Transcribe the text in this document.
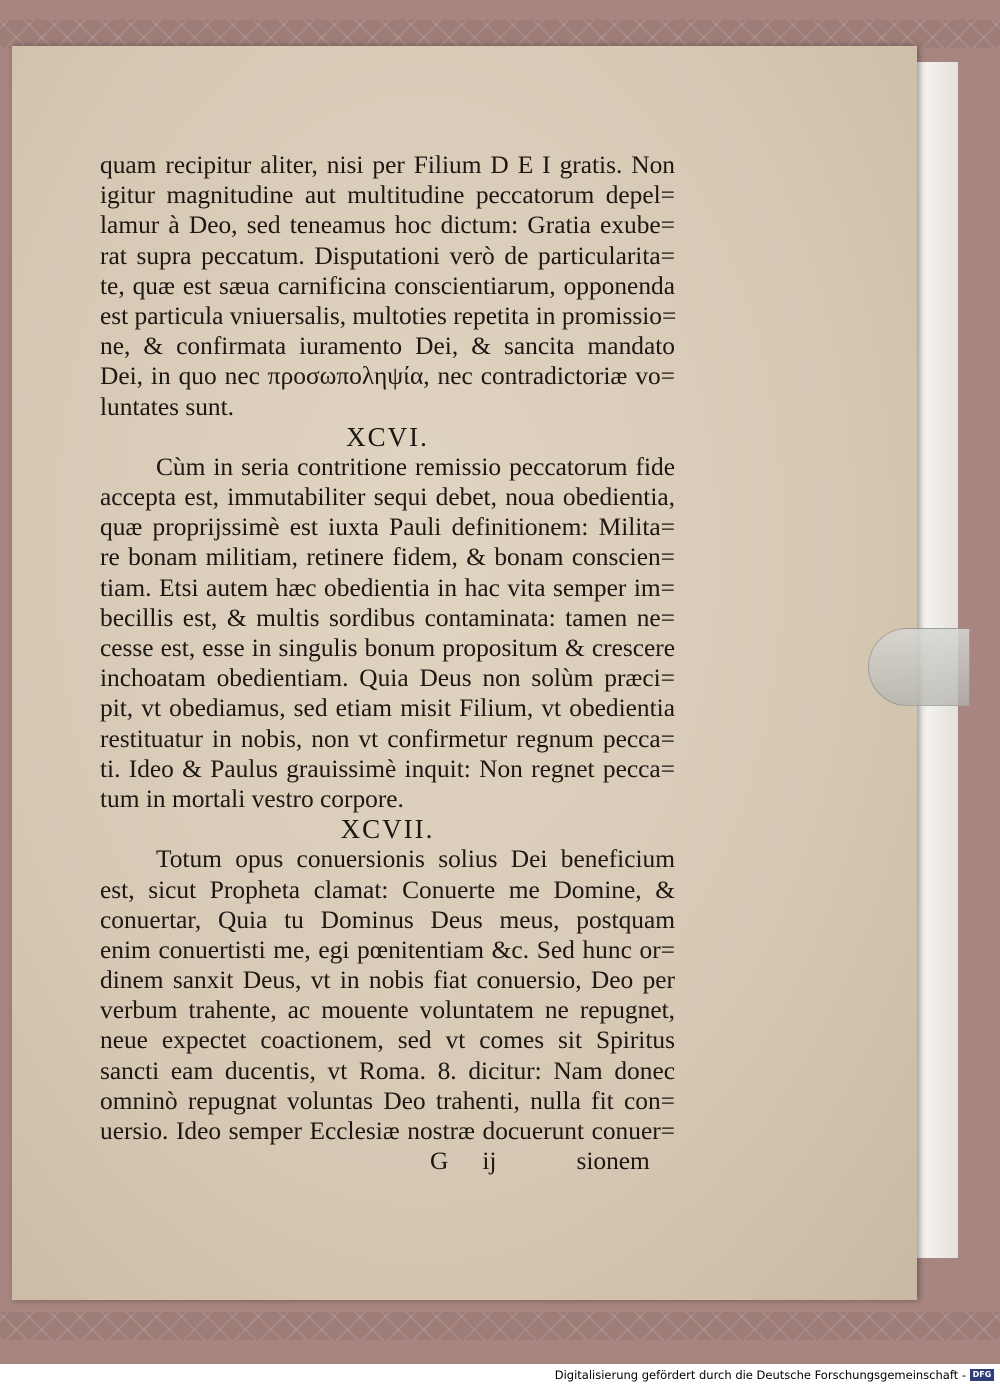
quam recipitur aliter, nisi per Filium D E I gratis. Non
igitur magnitudine aut multitudine peccatorum depel=
lamur à Deo, sed teneamus hoc dictum: Gratia exube=
rat supra peccatum. Disputationi verò de particularita=
te, quæ est sæua carnificina conscientiarum, opponenda
est particula vniuersalis, multoties repetita in promissio=
ne, & confirmata iuramento Dei, & sancita mandato
Dei, in quo nec προσωποληψία, nec contradictoriæ vo=
luntates sunt.
XCVI.
Cùm in seria contritione remissio peccatorum fide
accepta est, immutabiliter sequi debet, noua obedientia,
quæ proprijssimè est iuxta Pauli definitionem: Milita=
re bonam militiam, retinere fidem, & bonam conscien=
tiam. Etsi autem hæc obedientia in hac vita semper im=
becillis est, & multis sordibus contaminata: tamen ne=
cesse est, esse in singulis bonum propositum & crescere
inchoatam obedientiam. Quia Deus non solùm præci=
pit, vt obediamus, sed etiam misit Filium, vt obedientia
restituatur in nobis, non vt confirmetur regnum pecca=
ti. Ideo & Paulus grauissimè inquit: Non regnet pecca=
tum in mortali vestro corpore.
XCVII.
Totum opus conuersionis solius Dei beneficium
est, sicut Propheta clamat: Conuerte me Domine, &
conuertar, Quia tu Dominus Deus meus, postquam
enim conuertisti me, egi pœnitentiam &c. Sed hunc or=
dinem sanxit Deus, vt in nobis fiat conuersio, Deo per
verbum trahente, ac mouente voluntatem ne repugnet,
neue expectet coactionem, sed vt comes sit Spiritus
sancti eam ducentis, vt Roma. 8. dicitur: Nam donec
omninò repugnat voluntas Deo trahenti, nulla fit con=
uersio. Ideo semper Ecclesiæ nostræ docuerunt conuer=
G ij	sionem
Digitalisierung gefördert durch die Deutsche Forschungsgemeinschaft - DFG
